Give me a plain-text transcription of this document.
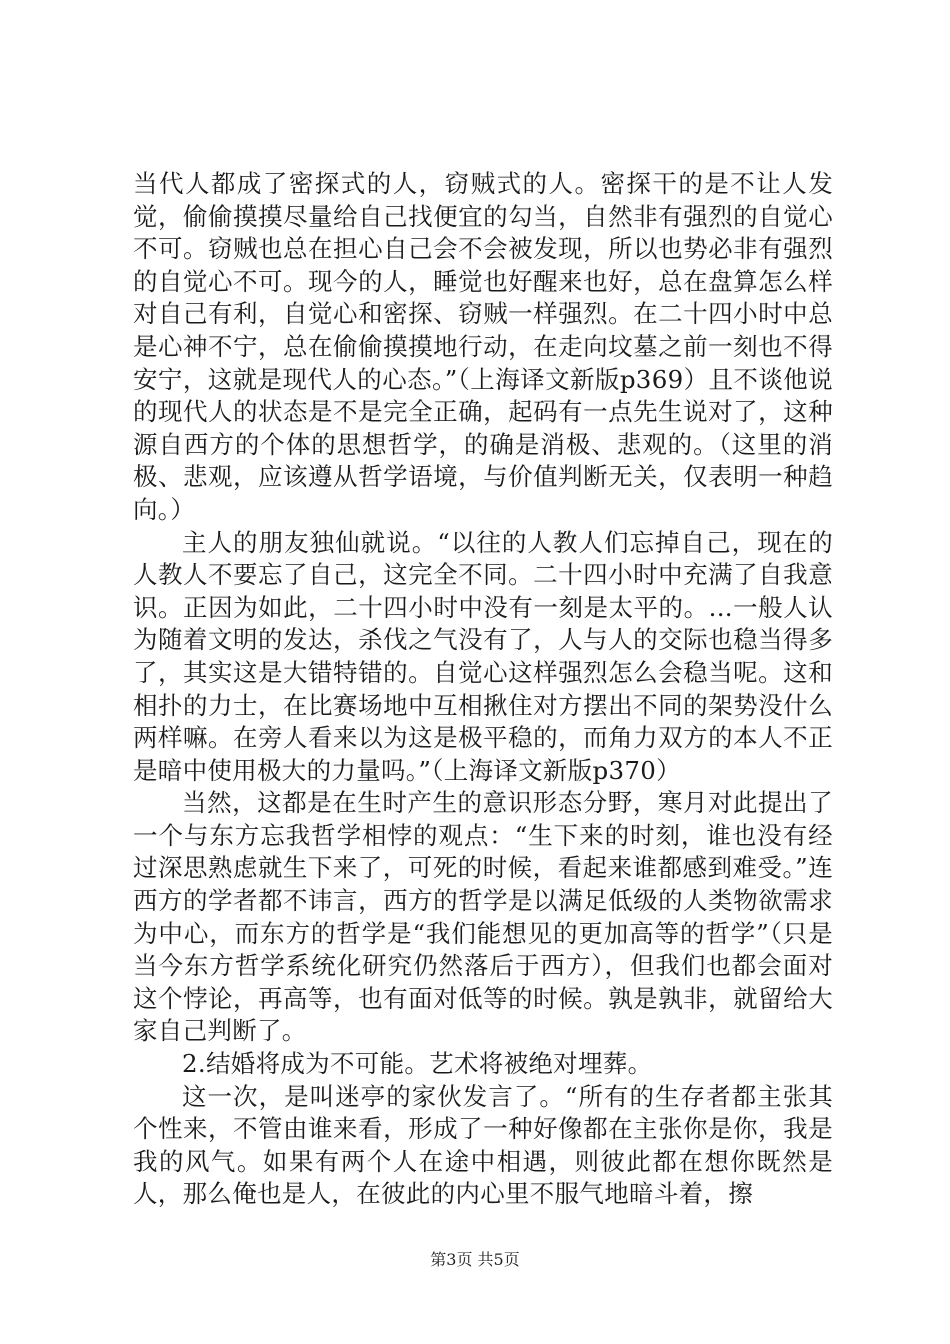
当代人都成了密探式的人，窃贼式的人。密探干的是不让人发觉，偷偷摸摸尽量给自己找便宜的勾当，自然非有强烈的自觉心不可。窃贼也总在担心自己会不会被发现，所以也势必非有强烈的自觉心不可。现今的人，睡觉也好醒来也好，总在盘算怎么样对自己有利，自觉心和密探、窃贼一样强烈。在二十四小时中总是心神不宁，总在偷偷摸摸地行动，在走向坟墓之前一刻也不得安宁，这就是现代人的心态。”（上海译文新版p369）且不谈他说的现代人的状态是不是完全正确，起码有一点先生说对了，这种源自西方的个体的思想哲学，的确是消极、悲观的。（这里的消极、悲观，应该遵从哲学语境，与价值判断无关，仅表明一种趋向。）

主人的朋友独仙就说。“以往的人教人们忘掉自己，现在的人教人不要忘了自己，这完全不同。二十四小时中充满了自我意识。正因为如此，二十四小时中没有一刻是太平的。...一般人认为随着文明的发达，杀伐之气没有了，人与人的交际也稳当得多了，其实这是大错特错的。自觉心这样强烈怎么会稳当呢。这和相扑的力士，在比赛场地中互相揪住对方摆出不同的架势没什么两样嘛。在旁人看来以为这是极平稳的，而角力双方的本人不正是暗中使用极大的力量吗。”（上海译文新版p370）

当然，这都是在生时产生的意识形态分野，寒月对此提出了一个与东方忘我哲学相悖的观点：“生下来的时刻，谁也没有经过深思熟虑就生下来了，可死的时候，看起来谁都感到难受。”连西方的学者都不讳言，西方的哲学是以满足低级的人类物欲需求为中心，而东方的哲学是“我们能想见的更加高等的哲学”（只是当今东方哲学系统化研究仍然落后于西方），但我们也都会面对这个悖论，再高等，也有面对低等的时候。孰是孰非，就留给大家自己判断了。

2.结婚将成为不可能。艺术将被绝对埋葬。

这一次，是叫迷亭的家伙发言了。“所有的生存者都主张其个性来，不管由谁来看，形成了一种好像都在主张你是你，我是我的风气。如果有两个人在途中相遇，则彼此都在想你既然是人，那么俺也是人，在彼此的内心里不服气地暗斗着，擦

第3页 共5页
